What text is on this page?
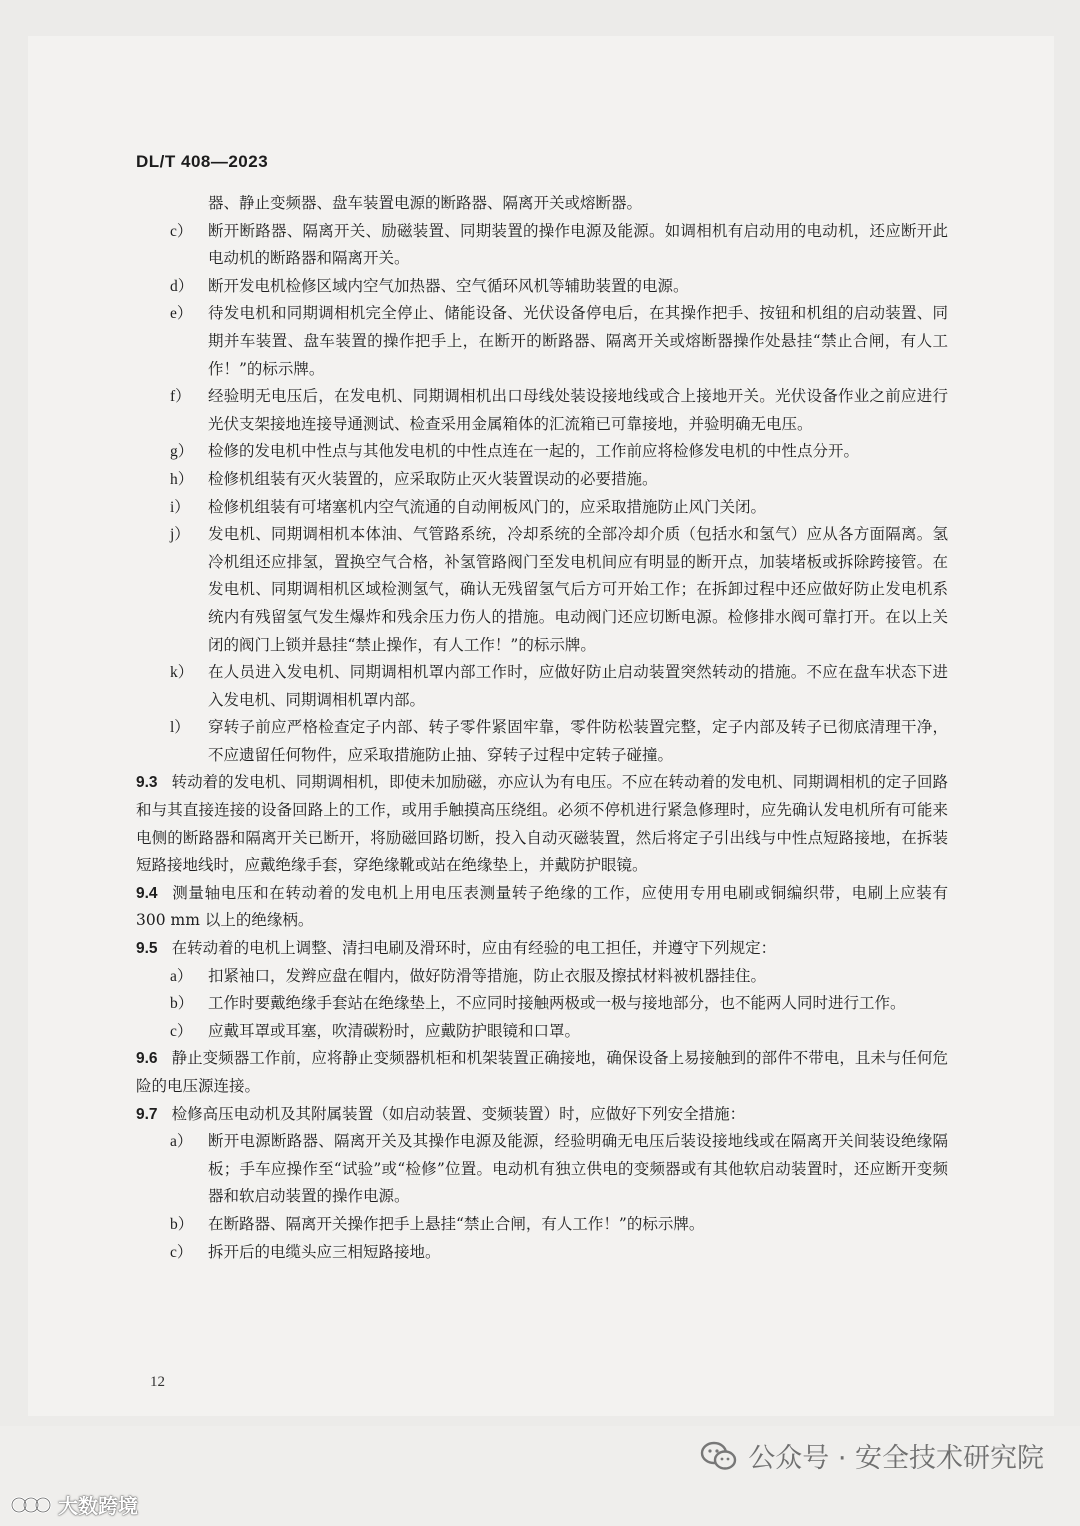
DL/T 408—2023
器、静止变频器、盘车装置电源的断路器、隔离开关或熔断器。
c）	断开断路器、隔离开关、励磁装置、同期装置的操作电源及能源。如调相机有启动用的电动机，还应断开此电动机的断路器和隔离开关。
d） 断开发电机检修区域内空气加热器、空气循环风机等辅助装置的电源。
e）	待发电机和同期调相机完全停止、储能设备、光伏设备停电后，在其操作把手、按钮和机组的启动装置、同期并车装置、盘车装置的操作把手上，在断开的断路器、隔离开关或熔断器操作处悬挂“禁止合闸，有人工作！”的标示牌。
f）	经验明无电压后，在发电机、同期调相机出口母线处装设接地线或合上接地开关。光伏设备作业之前应进行光伏支架接地连接导通测试、检查采用金属箱体的汇流箱已可靠接地，并验明确无电压。
g） 检修的发电机中性点与其他发电机的中性点连在一起的，工作前应将检修发电机的中性点分开。
h） 检修机组装有灭火装置的，应采取防止灭火装置误动的必要措施。
i）	检修机组装有可堵塞机内空气流通的自动闸板风门的，应采取措施防止风门关闭。
j）	发电机、同期调相机本体油、气管路系统，冷却系统的全部冷却介质（包括水和氢气）应从各方面隔离。氢冷机组还应排氢，置换空气合格，补氢管路阀门至发电机间应有明显的断开点，加装堵板或拆除跨接管。在发电机、同期调相机区域检测氢气，确认无残留氢气后方可开始工作；在拆卸过程中还应做好防止发电机系统内有残留氢气发生爆炸和残余压力伤人的措施。电动阀门还应切断电源。检修排水阀可靠打开。在以上关闭的阀门上锁并悬挂“禁止操作，有人工作！”的标示牌。
k） 在人员进入发电机、同期调相机罩内部工作时，应做好防止启动装置突然转动的措施。不应在盘车状态下进入发电机、同期调相机罩内部。
l）	穿转子前应严格检查定子内部、转子零件紧固牢靠，零件防松装置完整，定子内部及转子已彻底清理干净，不应遗留任何物件，应采取措施防止抽、穿转子过程中定转子碰撞。

9.3 转动着的发电机、同期调相机，即使未加励磁，亦应认为有电压。不应在转动着的发电机、同期调相机的定子回路和与其直接连接的设备回路上的工作，或用手触摸高压绕组。必须不停机进行紧急修理时，应先确认发电机所有可能来电侧的断路器和隔离开关已断开，将励磁回路切断，投入自动灭磁装置，然后将定子引出线与中性点短路接地，在拆装短路接地线时，应戴绝缘手套，穿绝缘靴或站在绝缘垫上，并戴防护眼镜。

9.4 测量轴电压和在转动着的发电机上用电压表测量转子绝缘的工作，应使用专用电刷或铜编织带，电刷上应装有 300 mm 以上的绝缘柄。

9.5 在转动着的电机上调整、清扫电刷及滑环时，应由有经验的电工担任，并遵守下列规定：

a）	扣紧袖口，发辫应盘在帽内，做好防滑等措施，防止衣服及擦拭材料被机器挂住。
b） 工作时要戴绝缘手套站在绝缘垫上，不应同时接触两极或一极与接地部分，也不能两人同时进行工作。
c）	应戴耳罩或耳塞，吹清碳粉时，应戴防护眼镜和口罩。

9.6 静止变频器工作前，应将静止变频器机柜和机架装置正确接地，确保设备上易接触到的部件不带电，且未与任何危险的电压源连接。

9.7 检修高压电动机及其附属装置（如启动装置、变频装置）时，应做好下列安全措施：

a）	断开电源断路器、隔离开关及其操作电源及能源，经验明确无电压后装设接地线或在隔离开关间装设绝缘隔板；手车应操作至“试验”或“检修”位置。电动机有独立供电的变频器或有其他软启动装置时，还应断开变频器和软启动装置的操作电源。
b） 在断路器、隔离开关操作把手上悬挂“禁止合闸，有人工作！”的标示牌。
c）	拆开后的电缆头应三相短路接地。
12
公众号 · 安全技术研究院
大数跨境
